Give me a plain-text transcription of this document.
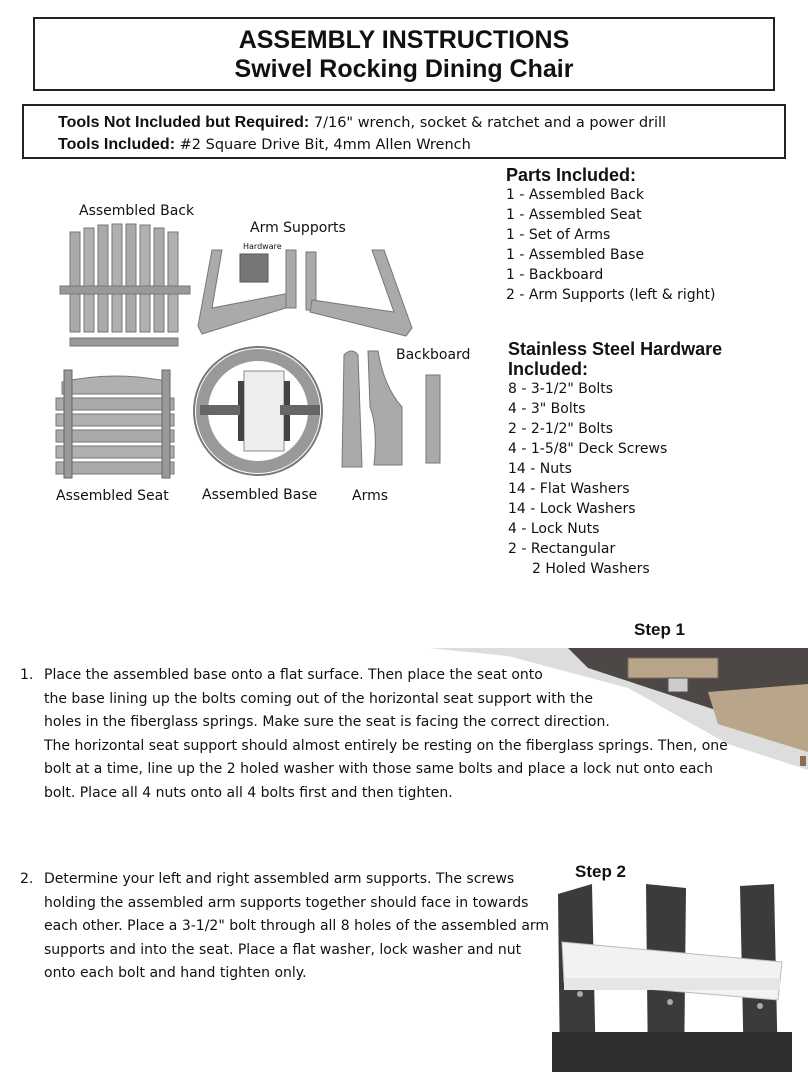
ASSEMBLY INSTRUCTIONS
Swivel Rocking Dining Chair
Tools Not Included but Required: 7/16" wrench, socket & ratchet and a power drill
Tools Included: #2 Square Drive Bit, 4mm Allen Wrench
Assembled Back
Arm Supports
Hardware
Backboard
Assembled Seat Assembled Base Arms
Parts Included:
1 - Assembled Back
1 - Assembled Seat
1 - Set of Arms
1 - Assembled Base
1 - Backboard
2 - Arm Supports (left & right)
Stainless Steel Hardware
Included:
8 - 3-1/2" Bolts
4 - 3" Bolts
2 - 2-1/2" Bolts
4 - 1-5/8" Deck Screws
14 - Nuts
14 - Flat Washers
14 - Lock Washers
4 - Lock Nuts
2 - Rectangular
2 Holed Washers
Step 1
1. Place the assembled base onto a flat surface. Then place the seat onto
the base lining up the bolts coming out of the horizontal seat support with the
holes in the fiberglass springs. Make sure the seat is facing the correct direction.
The horizontal seat support should almost entirely be resting on the fiberglass springs. Then, one
bolt at a time, line up the 2 holed washer with those same bolts and place a lock nut onto each
bolt. Place all 4 nuts onto all 4 bolts first and then tighten.
Step 2
2. Determine your left and right assembled arm supports. The screws
holding the assembled arm supports together should face in towards
each other. Place a 3-1/2" bolt through all 8 holes of the assembled arm
supports and into the seat. Place a flat washer, lock washer and nut
onto each bolt and hand tighten only.
